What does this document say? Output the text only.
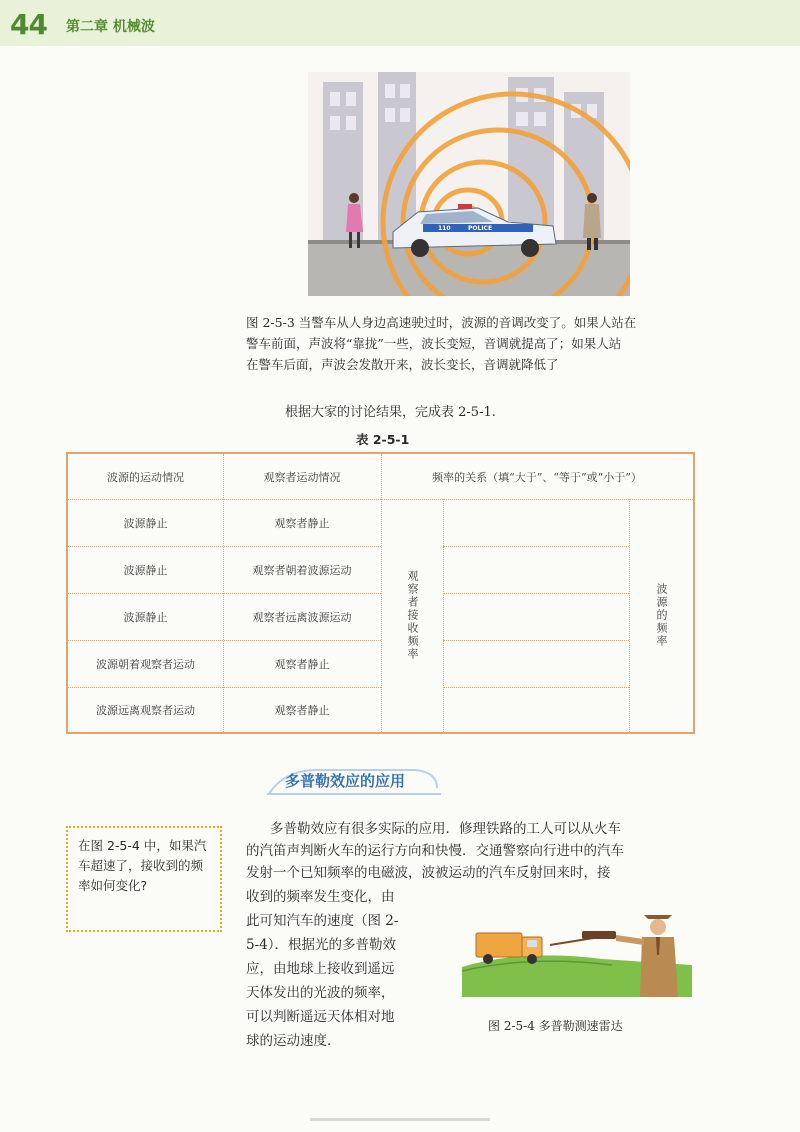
44 第二章 机械波
POLICE
110
图 2-5-3 当警车从人身边高速驶过时，波源的音调改变了。如果人站在
警车前面，声波将“靠拢”一些，波长变短，音调就提高了；如果人站
在警车后面，声波会发散开来，波长变长，音调就降低了
根据大家的讨论结果，完成表 2-5-1.
表 2-5-1
波源的运动情况	观察者运动情况	频率的关系（填“大于”、“等于”或“小于”）
波源静止	观察者静止
波源静止	观察者朝着波源运动
波源静止	观察者远离波源运动
波源朝着观察者运动	观察者静止
波源远离观察者运动	观察者静止
观察者接收频率	波源的频率
多普勒效应的应用
在图 2-5-4 中，如果汽车超速了，接收到的频率如何变化?
多普勒效应有很多实际的应用．修理铁路的工人可以从火车
的汽笛声判断火车的运行方向和快慢．交通警察向行进中的汽车
发射一个已知频率的电磁波，波被运动的汽车反射回来时，接
收到的频率发生变化，由
此可知汽车的速度（图 2-
5-4）．根据光的多普勒效
应，由地球上接收到遥远
天体发出的光波的频率，
可以判断遥远天体相对地
球的运动速度．
图 2-5-4 多普勒测速雷达
